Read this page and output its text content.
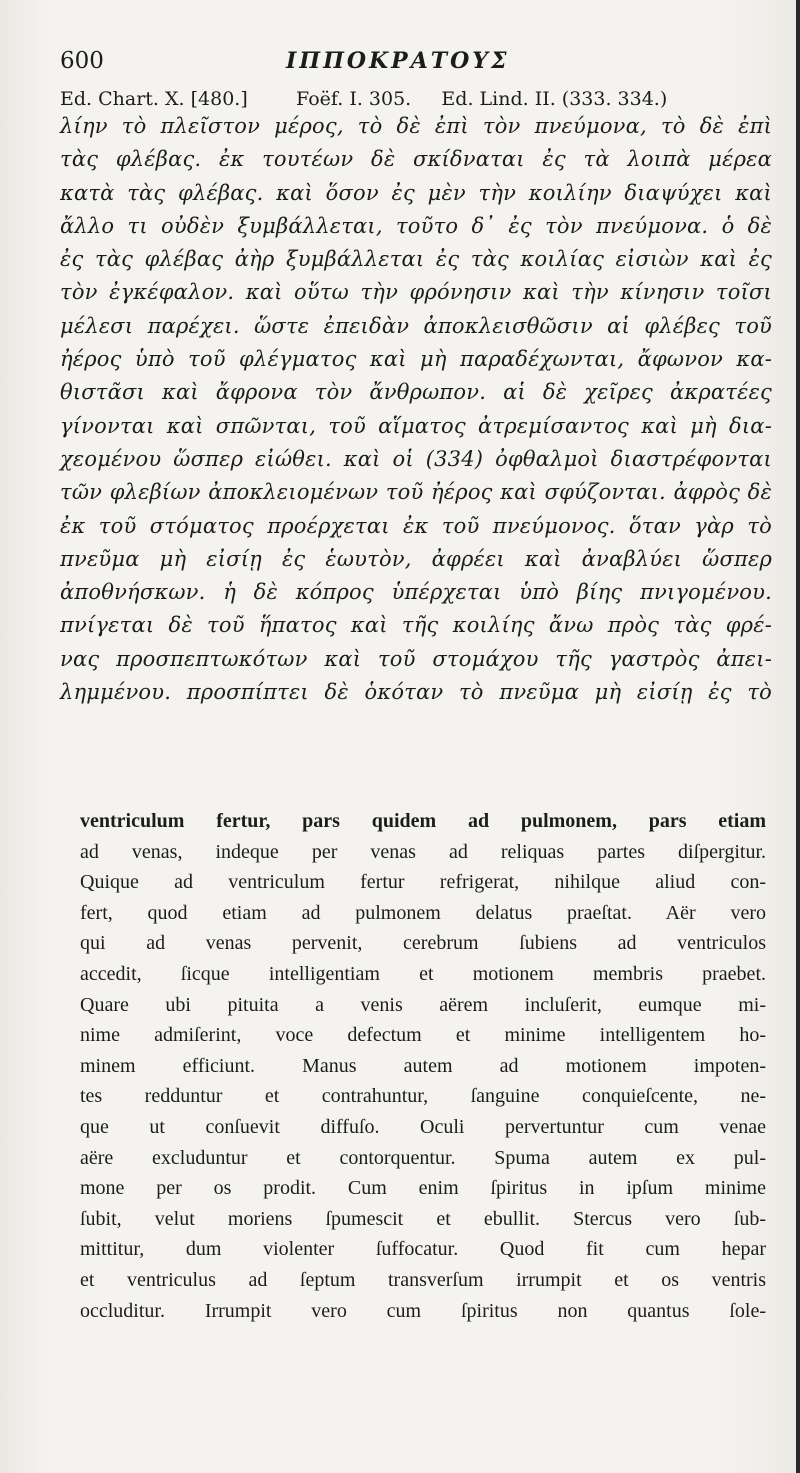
600	ΙΠΠΟΚΡΑΤΟΥΣ
Ed. Chart. X. [480.]        Foëf. I. 305.     Ed. Lind. II. (333. 334.)
λίην τὸ πλεῖστον μέρος, τὸ δὲ ἐπὶ τὸν πνεύμονα, τὸ δὲ ἐπὶ
τὰς φλέβας. ἐκ τουτέων δὲ σκίδναται ἐς τὰ λοιπὰ μέρεα
κατὰ τὰς φλέβας. καὶ ὅσον ἐς μὲν τὴν κοιλίην διαψύχει καὶ
ἄλλο τι οὐδὲν ξυμβάλλεται, τοῦτο δ᾽ ἐς τὸν πνεύμονα. ὁ δὲ
ἐς τὰς φλέβας ἀὴρ ξυμβάλλεται ἐς τὰς κοιλίας εἰσιὼν καὶ ἐς
τὸν ἐγκέφαλον. καὶ οὕτω τὴν φρόνησιν καὶ τὴν κίνησιν τοῖσι
μέλεσι παρέχει. ὥστε ἐπειδὰν ἀποκλεισθῶσιν αἱ φλέβες τοῦ
ἠέρος ὑπὸ τοῦ φλέγματος καὶ μὴ παραδέχωνται, ἄφωνον κα-
θιστᾶσι καὶ ἄφρονα τὸν ἄνθρωπον. αἱ δὲ χεῖρες ἀκρατέες
γίνονται καὶ σπῶνται, τοῦ αἵματος ἀτρεμίσαντος καὶ μὴ δια-
χεομένου ὥσπερ εἰώθει. καὶ οἱ (334) ὀφθαλμοὶ διαστρέφονται
τῶν φλεβίων ἀποκλειομένων τοῦ ἠέρος καὶ σφύζονται. ἀφρὸς δὲ
ἐκ τοῦ στόματος προέρχεται ἐκ τοῦ πνεύμονος. ὅταν γὰρ τὸ
πνεῦμα μὴ εἰσίῃ ἐς ἑωυτὸν, ἀφρέει καὶ ἀναβλύει ὥσπερ
ἀποθνήσκων. ἡ δὲ κόπρος ὑπέρχεται ὑπὸ βίης πνιγομένου.
πνίγεται δὲ τοῦ ἥπατος καὶ τῆς κοιλίης ἄνω πρὸς τὰς φρέ-
νας προσπεπτωκότων καὶ τοῦ στομάχου τῆς γαστρὸς ἀπει-
λημμένου. προσπίπτει δὲ ὁκόταν τὸ πνεῦμα μὴ εἰσίῃ ἐς τὸ
ventriculum fertur, pars quidem ad pulmonem, pars etiam
ad venas, indeque per venas ad reliquas partes diſpergitur.
Quique ad ventriculum fertur refrigerat, nihilque aliud con-
fert, quod etiam ad pulmonem delatus praeſtat. Aër vero
qui ad venas pervenit, cerebrum ſubiens ad ventriculos
accedit, ſicque intelligentiam et motionem membris praebet.
Quare ubi pituita a venis aërem incluſerit, eumque mi-
nime admiſerint, voce defectum et minime intelligentem ho-
minem efficiunt. Manus autem ad motionem impoten-
tes redduntur et contrahuntur, ſanguine conquieſcente, ne-
que ut conſuevit diffuſo. Oculi pervertuntur cum venae
aëre excluduntur et contorquentur. Spuma autem ex pul-
mone per os prodit. Cum enim ſpiritus in ipſum minime
ſubit, velut moriens ſpumescit et ebullit. Stercus vero ſub-
mittitur, dum violenter ſuffocatur. Quod fit cum hepar
et ventriculus ad ſeptum transverſum irrumpit et os ventris
occluditur. Irrumpit vero cum ſpiritus non quantus ſole-
